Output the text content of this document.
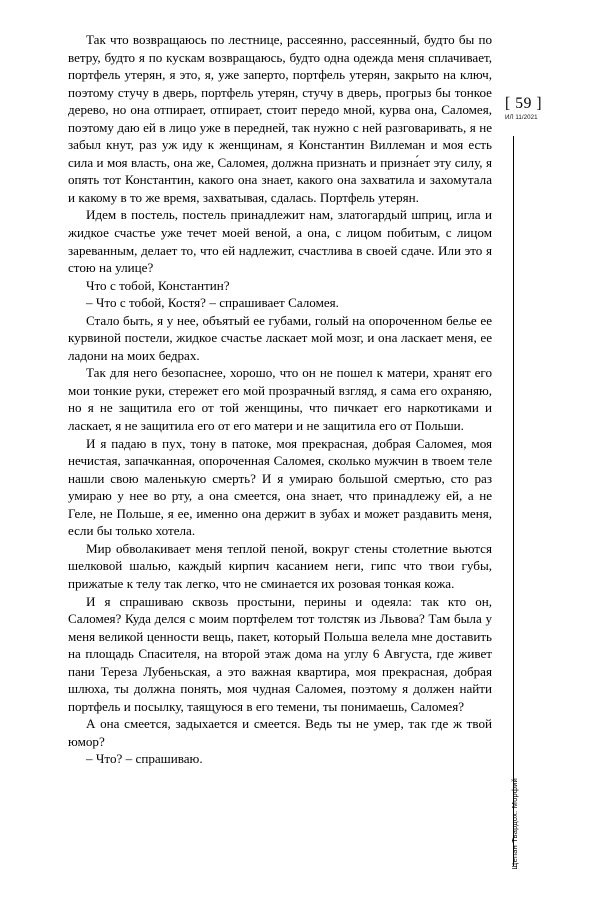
Так что возвращаюсь по лестнице, рассеянно, рассеянный, будто бы по ветру, будто я по кускам возвращаюсь, будто одна одежда меня сплачивает, портфель утерян, я это, я, уже заперто, портфель утерян, закрыто на ключ, поэтому стучу в дверь, портфель утерян, стучу в дверь, прогрыз бы тонкое дерево, но она отпирает, отпирает, стоит передо мной, курва она, Саломея, поэтому даю ей в лицо уже в передней, так нужно с ней разговаривать, я не забыл кнут, раз уж иду к женщинам, я Константин Виллеман и моя есть сила и моя власть, она же, Саломея, должна признать и призна́ет эту силу, я опять тот Константин, какого она знает, какого она захватила и захомутала и какому в то же время, захватывая, сдалась. Портфель утерян.

Идем в постель, постель принадлежит нам, златогардый шприц, игла и жидкое счастье уже течет моей веной, а она, с лицом побитым, с лицом зареванным, делает то, что ей надлежит, счастлива в своей сдаче. Или это я стою на улице?

Что с тобой, Константин?

– Что с тобой, Костя? – спрашивает Саломея.

Стало быть, я у нее, объятый ее губами, голый на опороченном белье ее курвиной постели, жидкое счастье ласкает мой мозг, и она ласкает меня, ее ладони на моих бедрах.

Так для него безопаснее, хорошо, что он не пошел к матери, хранят его мои тонкие руки, стережет его мой прозрачный взгляд, я сама его охраняю, но я не защитила его от той женщины, что пичкает его наркотиками и ласкает, я не защитила его от его матери и не защитила его от Польши.

И я падаю в пух, тону в патоке, моя прекрасная, добрая Саломея, моя нечистая, запачканная, опороченная Саломея, сколько мужчин в твоем теле нашли свою маленькую смерть? И я умираю большой смертью, сто раз умираю у нее во рту, а она смеется, она знает, что принадлежу ей, а не Геле, не Польше, я ее, именно она держит в зубах и может раздавить меня, если бы только хотела.

Мир обволакивает меня теплой пеной, вокруг стены столетние вьются шелковой шалью, каждый кирпич касанием неги, гипс что твои губы, прижатые к телу так легко, что не сминается их розовая тонкая кожа.

И я спрашиваю сквозь простыни, перины и одеяла: так кто он, Саломея? Куда делся с моим портфелем тот толстяк из Львова? Там была у меня великой ценности вещь, пакет, который Польша велела мне доставить на площадь Спасителя, на второй этаж дома на углу 6 Августа, где живет пани Тереза Лубеньская, а это важная квартира, моя прекрасная, добрая шлюха, ты должна понять, моя чудная Саломея, поэтому я должен найти портфель и посылку, таящуюся в его темени, ты понимаешь, Саломея?

А она смеется, задыхается и смеется. Ведь ты не умер, так где ж твой юмор?

– Что? – спрашиваю.

[ 59 ]
ИЛ 11/2021
Щепан Твардох. Морфий
